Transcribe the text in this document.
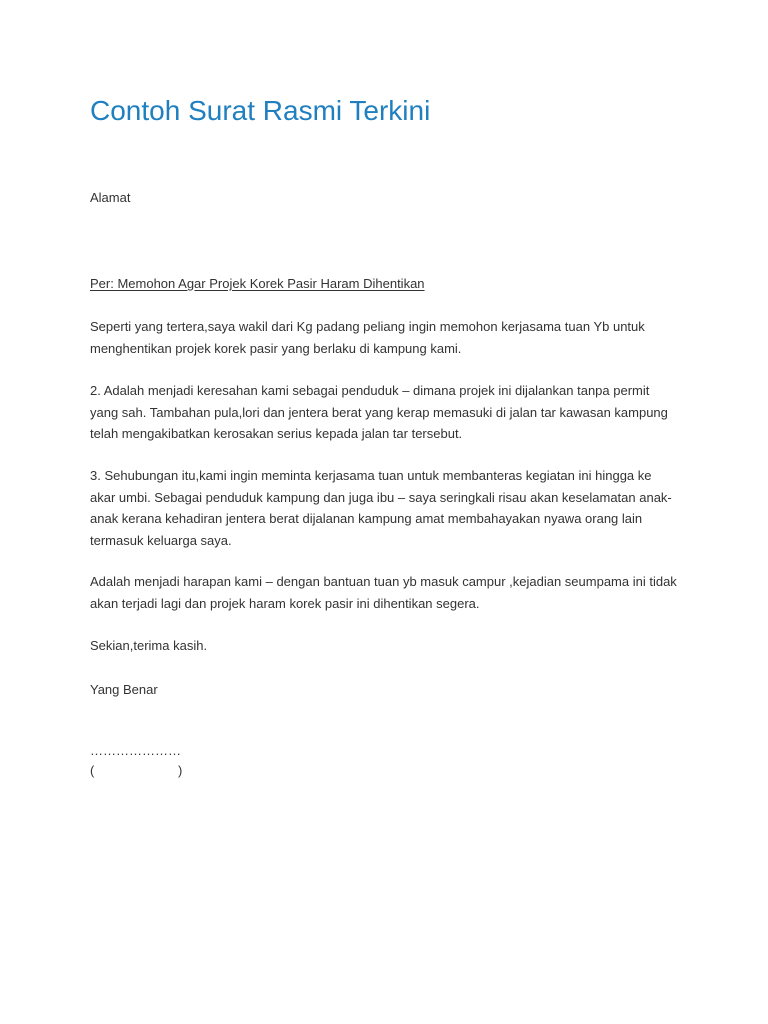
Contoh Surat Rasmi Terkini

Alamat

Per: Memohon Agar Projek Korek Pasir Haram Dihentikan

Seperti yang tertera,saya wakil dari Kg padang peliang ingin memohon kerjasama tuan Yb untuk menghentikan projek korek pasir yang berlaku di kampung kami.

2. Adalah menjadi keresahan kami sebagai penduduk – dimana projek ini dijalankan tanpa permit yang sah. Tambahan pula,lori dan jentera berat yang kerap memasuki di jalan tar kawasan kampung telah mengakibatkan kerosakan serius kepada jalan tar tersebut.

3. Sehubungan itu,kami ingin meminta kerjasama tuan untuk membanteras kegiatan ini hingga ke akar umbi. Sebagai penduduk kampung dan juga ibu – saya seringkali risau akan keselamatan anak-anak kerana kehadiran jentera berat dijalanan kampung amat membahayakan nyawa orang lain termasuk keluarga saya.

Adalah menjadi harapan kami – dengan bantuan tuan yb masuk campur ,kejadian seumpama ini tidak akan terjadi lagi dan projek haram korek pasir ini dihentikan segera.

Sekian,terima kasih.

Yang Benar

…………………
(	)
